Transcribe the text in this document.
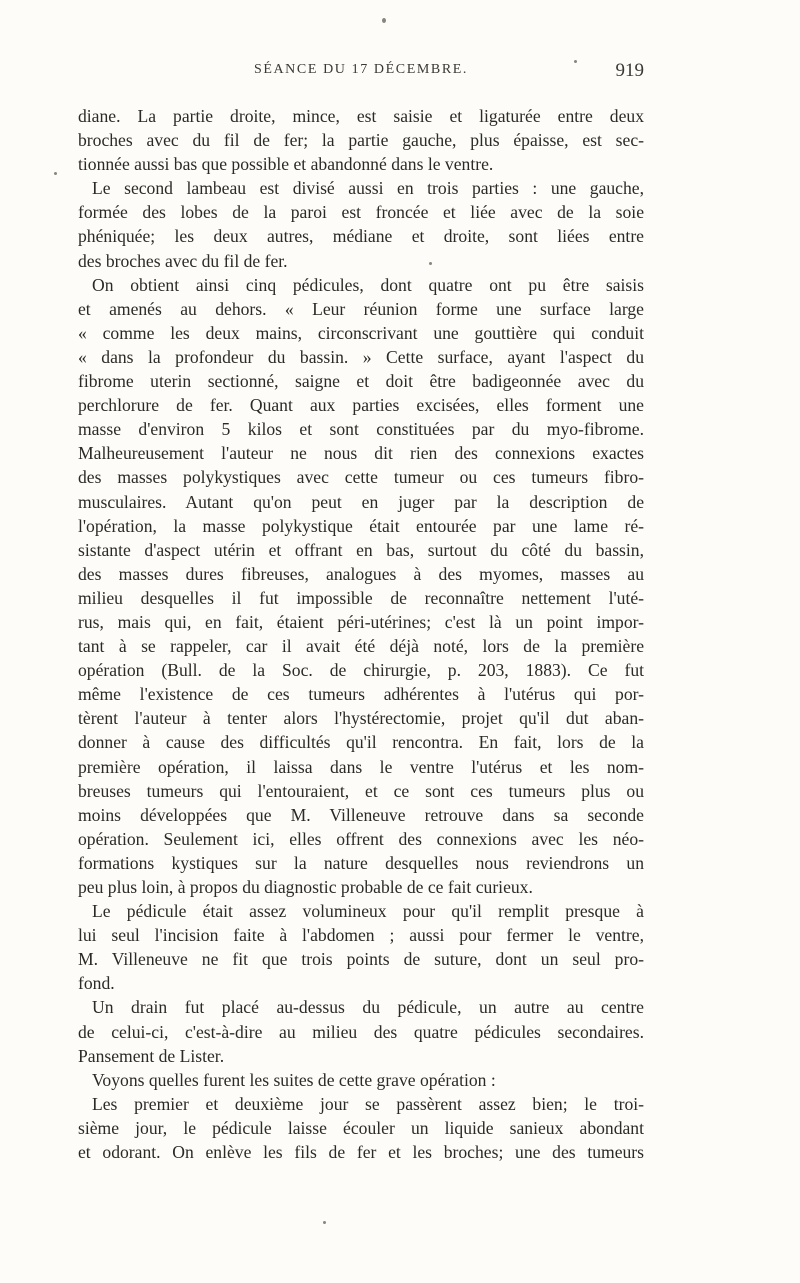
SÉANCE DU 17 DÉCEMBRE.	919

diane. La partie droite, mince, est saisie et ligaturée entre deux
broches avec du fil de fer; la partie gauche, plus épaisse, est sec-
tionnée aussi bas que possible et abandonné dans le ventre.

Le second lambeau est divisé aussi en trois parties : une gauche,
formée des lobes de la paroi est froncée et liée avec de la soie
phéniquée; les deux autres, médiane et droite, sont liées entre
des broches avec du fil de fer.

On obtient ainsi cinq pédicules, dont quatre ont pu être saisis
et amenés au dehors. « Leur réunion forme une surface large
« comme les deux mains, circonscrivant une gouttière qui conduit
« dans la profondeur du bassin. » Cette surface, ayant l'aspect du
fibrome uterin sectionné, saigne et doit être badigeonnée avec du
perchlorure de fer. Quant aux parties excisées, elles forment une
masse d'environ 5 kilos et sont constituées par du myo-fibrome.
Malheureusement l'auteur ne nous dit rien des connexions exactes
des masses polykystiques avec cette tumeur ou ces tumeurs fibro-
musculaires. Autant qu'on peut en juger par la description de
l'opération, la masse polykystique était entourée par une lame ré-
sistante d'aspect utérin et offrant en bas, surtout du côté du bassin,
des masses dures fibreuses, analogues à des myomes, masses au
milieu desquelles il fut impossible de reconnaître nettement l'uté-
rus, mais qui, en fait, étaient péri-utérines; c'est là un point impor-
tant à se rappeler, car il avait été déjà noté, lors de la première
opération (Bull. de la Soc. de chirurgie, p. 203, 1883). Ce fut
même l'existence de ces tumeurs adhérentes à l'utérus qui por-
tèrent l'auteur à tenter alors l'hystérectomie, projet qu'il dut aban-
donner à cause des difficultés qu'il rencontra. En fait, lors de la
première opération, il laissa dans le ventre l'utérus et les nom-
breuses tumeurs qui l'entouraient, et ce sont ces tumeurs plus ou
moins développées que M. Villeneuve retrouve dans sa seconde
opération. Seulement ici, elles offrent des connexions avec les néo-
formations kystiques sur la nature desquelles nous reviendrons un
peu plus loin, à propos du diagnostic probable de ce fait curieux.

Le pédicule était assez volumineux pour qu'il remplit presque à
lui seul l'incision faite à l'abdomen ; aussi pour fermer le ventre,
M. Villeneuve ne fit que trois points de suture, dont un seul pro-
fond.

Un drain fut placé au-dessus du pédicule, un autre au centre
de celui-ci, c'est-à-dire au milieu des quatre pédicules secondaires.
Pansement de Lister.

Voyons quelles furent les suites de cette grave opération :

Les premier et deuxième jour se passèrent assez bien; le troi-
sième jour, le pédicule laisse écouler un liquide sanieux abondant
et odorant. On enlève les fils de fer et les broches; une des tumeurs
